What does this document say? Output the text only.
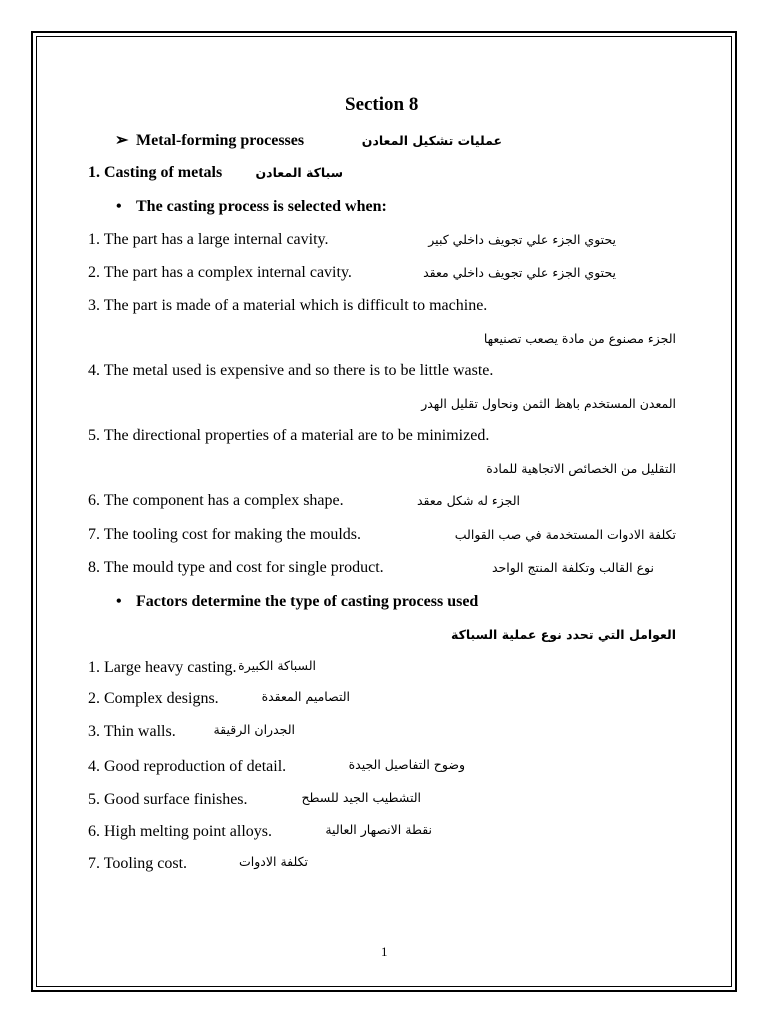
Section 8
➢ Metal-forming processes	عمليات تشكيل المعادن
1. Casting of metals	سباكة المعادن
• The casting process is selected when:
1. The part has a large internal cavity.	يحتوي الجزء علي تجويف داخلي كبير
2. The part has a complex internal cavity.	يحتوي الجزء علي تجويف داخلي معقد
3. The part is made of a material which is difficult to machine.
الجزء مصنوع من مادة يصعب تصنيعها
4. The metal used is expensive and so there is to be little waste.
المعدن المستخدم باهظ الثمن ونحاول تقليل الهدر
5. The directional properties of a material are to be minimized.
التقليل من الخصائص الاتجاهية للمادة
6. The component has a complex shape.	الجزء له شكل معقد
7. The tooling cost for making the moulds.	تكلفة الادوات المستخدمة في صب القوالب
8. The mould type and cost for single product.	نوع القالب وتكلفة المنتج الواحد
• Factors determine the type of casting process used
العوامل التي تحدد نوع عملية السباكة
1. Large heavy casting. السباكة الكبيرة
2. Complex designs.	التصاميم المعقدة
3. Thin walls.	الجدران الرقيقة
4. Good reproduction of detail.	وضوح التفاصيل الجيدة
5. Good surface finishes.	التشطيب الجيد للسطح
6. High melting point alloys.	نقطة الانصهار العالية
7. Tooling cost.	تكلفة الادوات
1
